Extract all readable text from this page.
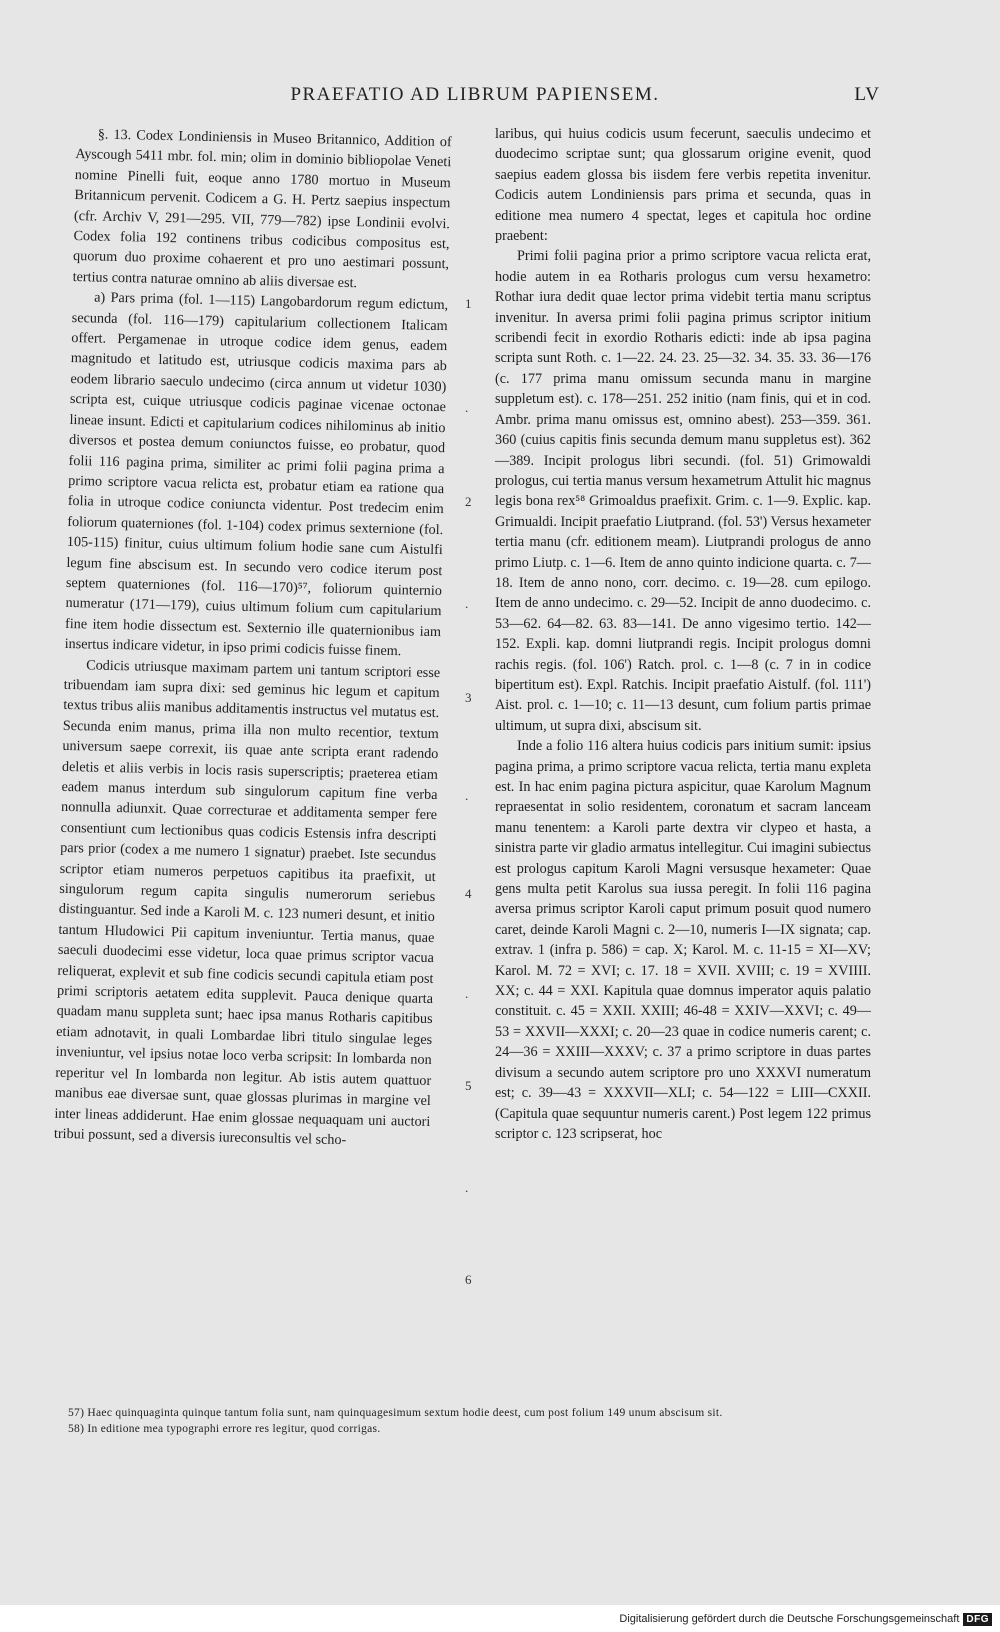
PRAEFATIO AD LIBRUM PAPIENSEM.	LV

§. 13. Codex Londiniensis in Museo Britannico, Addition of Ayscough 5411 mbr. fol. min; olim in dominio bibliopolae Veneti nomine Pinelli fuit, eoque anno 1780 mortuo in Museum Britannicum pervenit. Codicem a G. H. Pertz saepius inspectum (cfr. Archiv V, 291—295. VII, 779—782) ipse Londinii evolvi. Codex folia 192 continens tribus codicibus compositus est, quorum duo proxime cohaerent et pro uno aestimari possunt, tertius contra naturae omnino ab aliis diversae est.

a) Pars prima (fol. 1—115) Langobardorum regum edictum, secunda (fol. 116—179) capitularium collectionem Italicam offert. Pergamenae in utroque codice idem genus, eadem magnitudo et latitudo est, utriusque codicis maxima pars ab eodem librario saeculo undecimo (circa annum ut videtur 1030) scripta est, cuique utriusque codicis paginae vicenae octonae lineae insunt. Edicti et capitularium codices nihilominus ab initio diversos et postea demum coniunctos fuisse, eo probatur, quod folii 116 pagina prima, similiter ac primi folii pagina prima a primo scriptore vacua relicta est, probatur etiam ea ratione qua folia in utroque codice coniuncta videntur. Post tredecim enim foliorum quaterniones (fol. 1-104) codex primus sexternione (fol. 105-115) finitur, cuius ultimum folium hodie sane cum Aistulfi legum fine abscisum est. In secundo vero codice iterum post septem quaterniones (fol. 116—170)⁵⁷, foliorum quinternio numeratur (171—179), cuius ultimum folium cum capitularium fine item hodie dissectum est. Sexternio ille quaternionibus iam insertus indicare videtur, in ipso primi codicis fuisse finem.

Codicis utriusque maximam partem uni tantum scriptori esse tribuendam iam supra dixi: sed geminus hic legum et capitum textus tribus aliis manibus additamentis instructus vel mutatus est. Secunda enim manus, prima illa non multo recentior, textum universum saepe correxit, iis quae ante scripta erant radendo deletis et aliis verbis in locis rasis superscriptis; praeterea etiam eadem manus interdum sub singulorum capitum fine verba nonnulla adiunxit. Quae correcturae et additamenta semper fere consentiunt cum lectionibus quas codicis Estensis infra descripti pars prior (codex a me numero 1 signatur) praebet. Iste secundus scriptor etiam numeros perpetuos capitibus ita praefixit, ut singulorum regum capita singulis numerorum seriebus distinguantur. Sed inde a Karoli M. c. 123 numeri desunt, et initio tantum Hludowici Pii capitum inveniuntur. Tertia manus, quae saeculi duodecimi esse videtur, loca quae primus scriptor vacua reliquerat, explevit et sub fine codicis secundi capitula etiam post primi scriptoris aetatem edita supplevit. Pauca denique quarta quadam manu suppleta sunt; haec ipsa manus Rotharis capitibus etiam adnotavit, in quali Lombardae libri titulo singulae leges inveniuntur, vel ipsius notae loco verba scripsit: In lombarda non reperitur vel In lombarda non legitur. Ab istis autem quattuor manibus eae diversae sunt, quae glossas plurimas in margine vel inter lineas addiderunt. Hae enim glossae nequaquam uni auctori tribui possunt, sed a diversis iureconsultis vel scho-

1
.
2
.
3
.
4
.
5
.
6

laribus, qui huius codicis usum fecerunt, saeculis undecimo et duodecimo scriptae sunt; qua glossarum origine evenit, quod saepius eadem glossa bis iisdem fere verbis repetita invenitur. Codicis autem Londiniensis pars prima et secunda, quas in editione mea numero 4 spectat, leges et capitula hoc ordine praebent:

Primi folii pagina prior a primo scriptore vacua relicta erat, hodie autem in ea Rotharis prologus cum versu hexametro: Rothar iura dedit quae lector prima videbit tertia manu scriptus invenitur. In aversa primi folii pagina primus scriptor initium scribendi fecit in exordio Rotharis edicti: inde ab ipsa pagina scripta sunt Roth. c. 1—22. 24. 23. 25—32. 34. 35. 33. 36—176 (c. 177 prima manu omissum secunda manu in margine suppletum est). c. 178—251. 252 initio (nam finis, qui et in cod. Ambr. prima manu omissus est, omnino abest). 253—359. 361. 360 (cuius capitis finis secunda demum manu suppletus est). 362—389. Incipit prologus libri secundi. (fol. 51) Grimowaldi prologus, cui tertia manus versum hexametrum Attulit hic magnus legis bona rex⁵⁸ Grimoaldus praefixit. Grim. c. 1—9. Explic. kap. Grimualdi. Incipit praefatio Liutprand. (fol. 53') Versus hexameter tertia manu (cfr. editionem meam). Liutprandi prologus de anno primo Liutp. c. 1—6. Item de anno quinto indicione quarta. c. 7—18. Item de anno nono, corr. decimo. c. 19—28. cum epilogo. Item de anno undecimo. c. 29—52. Incipit de anno duodecimo. c. 53—62. 64—82. 63. 83—141. De anno vigesimo tertio. 142—152. Expli. kap. domni liutprandi regis. Incipit prologus domni rachis regis. (fol. 106') Ratch. prol. c. 1—8 (c. 7 in in codice bipertitum est). Expl. Ratchis. Incipit praefatio Aistulf. (fol. 111') Aist. prol. c. 1—10; c. 11—13 desunt, cum folium partis primae ultimum, ut supra dixi, abscisum sit.

Inde a folio 116 altera huius codicis pars initium sumit: ipsius pagina prima, a primo scriptore vacua relicta, tertia manu expleta est. In hac enim pagina pictura aspicitur, quae Karolum Magnum repraesentat in solio residentem, coronatum et sacram lanceam manu tenentem: a Karoli parte dextra vir clypeo et hasta, a sinistra parte vir gladio armatus intellegitur. Cui imagini subiectus est prologus capitum Karoli Magni versusque hexameter: Quae gens multa petit Karolus sua iussa peregit. In folii 116 pagina aversa primus scriptor Karoli caput primum posuit quod numero caret, deinde Karoli Magni c. 2—10, numeris I—IX signata; cap. extrav. 1 (infra p. 586) = cap. X; Karol. M. c. 11-15 = XI—XV; Karol. M. 72 = XVI; c. 17. 18 = XVII. XVIII; c. 19 = XVIIII. XX; c. 44 = XXI. Kapitula quae domnus imperator aquis palatio constituit. c. 45 = XXII. XXIII; 46-48 = XXIV—XXVI; c. 49—53 = XXVII—XXXI; c. 20—23 quae in codice numeris carent; c. 24—36 = XXIII—XXXV; c. 37 a primo scriptore in duas partes divisum a secundo autem scriptore pro uno XXXVI numeratum est; c. 39—43 = XXXVII—XLI; c. 54—122 = LIII—CXXII. (Capitula quae sequuntur numeris carent.) Post legem 122 primus scriptor c. 123 scripserat, hoc

57) Haec quinquaginta quinque tantum folia sunt, nam quinquagesimum sextum hodie deest, cum post folium 149 unum abscisum sit.

58) In editione mea typographi errore res legitur, quod corrigas.

Digitalisierung gefördert durch die Deutsche Forschungsgemeinschaft DFG
